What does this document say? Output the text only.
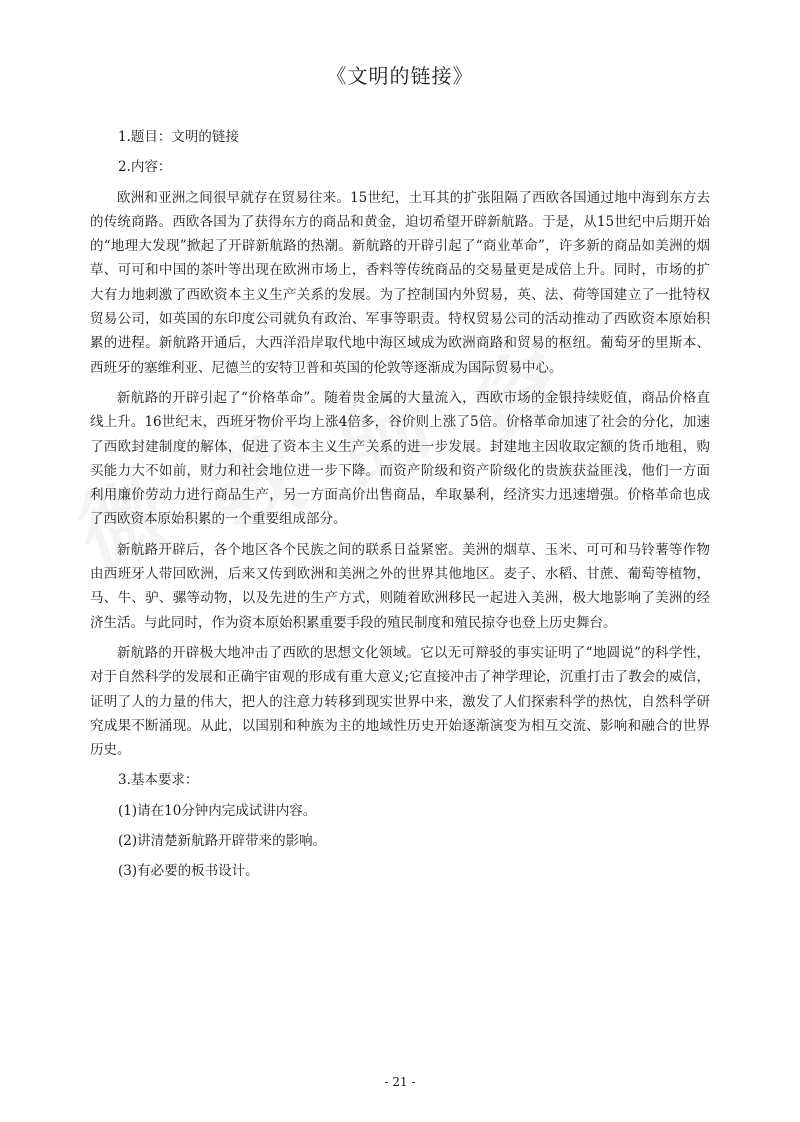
《文明的链接》
1.题目：文明的链接
2.内容：

欧洲和亚洲之间很早就存在贸易往来。15世纪，土耳其的扩张阻隔了西欧各国通过地中海到东方去的传统商路。西欧各国为了获得东方的商品和黄金，迫切希望开辟新航路。于是，从15世纪中后期开始的“地理大发现”掀起了开辟新航路的热潮。新航路的开辟引起了“商业革命”，许多新的商品如美洲的烟草、可可和中国的茶叶等出现在欧洲市场上，香料等传统商品的交易量更是成倍上升。同时，市场的扩大有力地刺激了西欧资本主义生产关系的发展。为了控制国内外贸易，英、法、荷等国建立了一批特权贸易公司，如英国的东印度公司就负有政治、军事等职责。特权贸易公司的活动推动了西欧资本原始积累的进程。新航路开通后，大西洋沿岸取代地中海区域成为欧洲商路和贸易的枢纽。葡萄牙的里斯本、西班牙的塞维利亚、尼德兰的安特卫普和英国的伦敦等逐渐成为国际贸易中心。

新航路的开辟引起了“价格革命”。随着贵金属的大量流入，西欧市场的金银持续贬值，商品价格直线上升。16世纪末，西班牙物价平均上涨4倍多，谷价则上涨了5倍。价格革命加速了社会的分化，加速了西欧封建制度的解体，促进了资本主义生产关系的进一步发展。封建地主因收取定额的货币地租，购买能力大不如前，财力和社会地位进一步下降。而资产阶级和资产阶级化的贵族获益匪浅，他们一方面利用廉价劳动力进行商品生产，另一方面高价出售商品，牟取暴利，经济实力迅速增强。价格革命也成了西欧资本原始积累的一个重要组成部分。

新航路开辟后，各个地区各个民族之间的联系日益紧密。美洲的烟草、玉米、可可和马铃薯等作物由西班牙人带回欧洲，后来又传到欧洲和美洲之外的世界其他地区。麦子、水稻、甘蔗、葡萄等植物，马、牛、驴、骡等动物，以及先进的生产方式，则随着欧洲移民一起进入美洲，极大地影响了美洲的经济生活。与此同时，作为资本原始积累重要手段的殖民制度和殖民掠夺也登上历史舞台。

新航路的开辟极大地冲击了西欧的思想文化领域。它以无可辩驳的事实证明了“地圆说”的科学性，对于自然科学的发展和正确宇宙观的形成有重大意义;它直接冲击了神学理论，沉重打击了教会的威信，证明了人的力量的伟大，把人的注意力转移到现实世界中来，激发了人们探索科学的热忱，自然科学研究成果不断涌现。从此，以国别和种族为主的地域性历史开始逐渐演变为相互交流、影响和融合的世界历史。

3.基本要求：
(1)请在10分钟内完成试讲内容。
(2)讲清楚新航路开辟带来的影响。
(3)有必要的板书设计。
- 21 -
